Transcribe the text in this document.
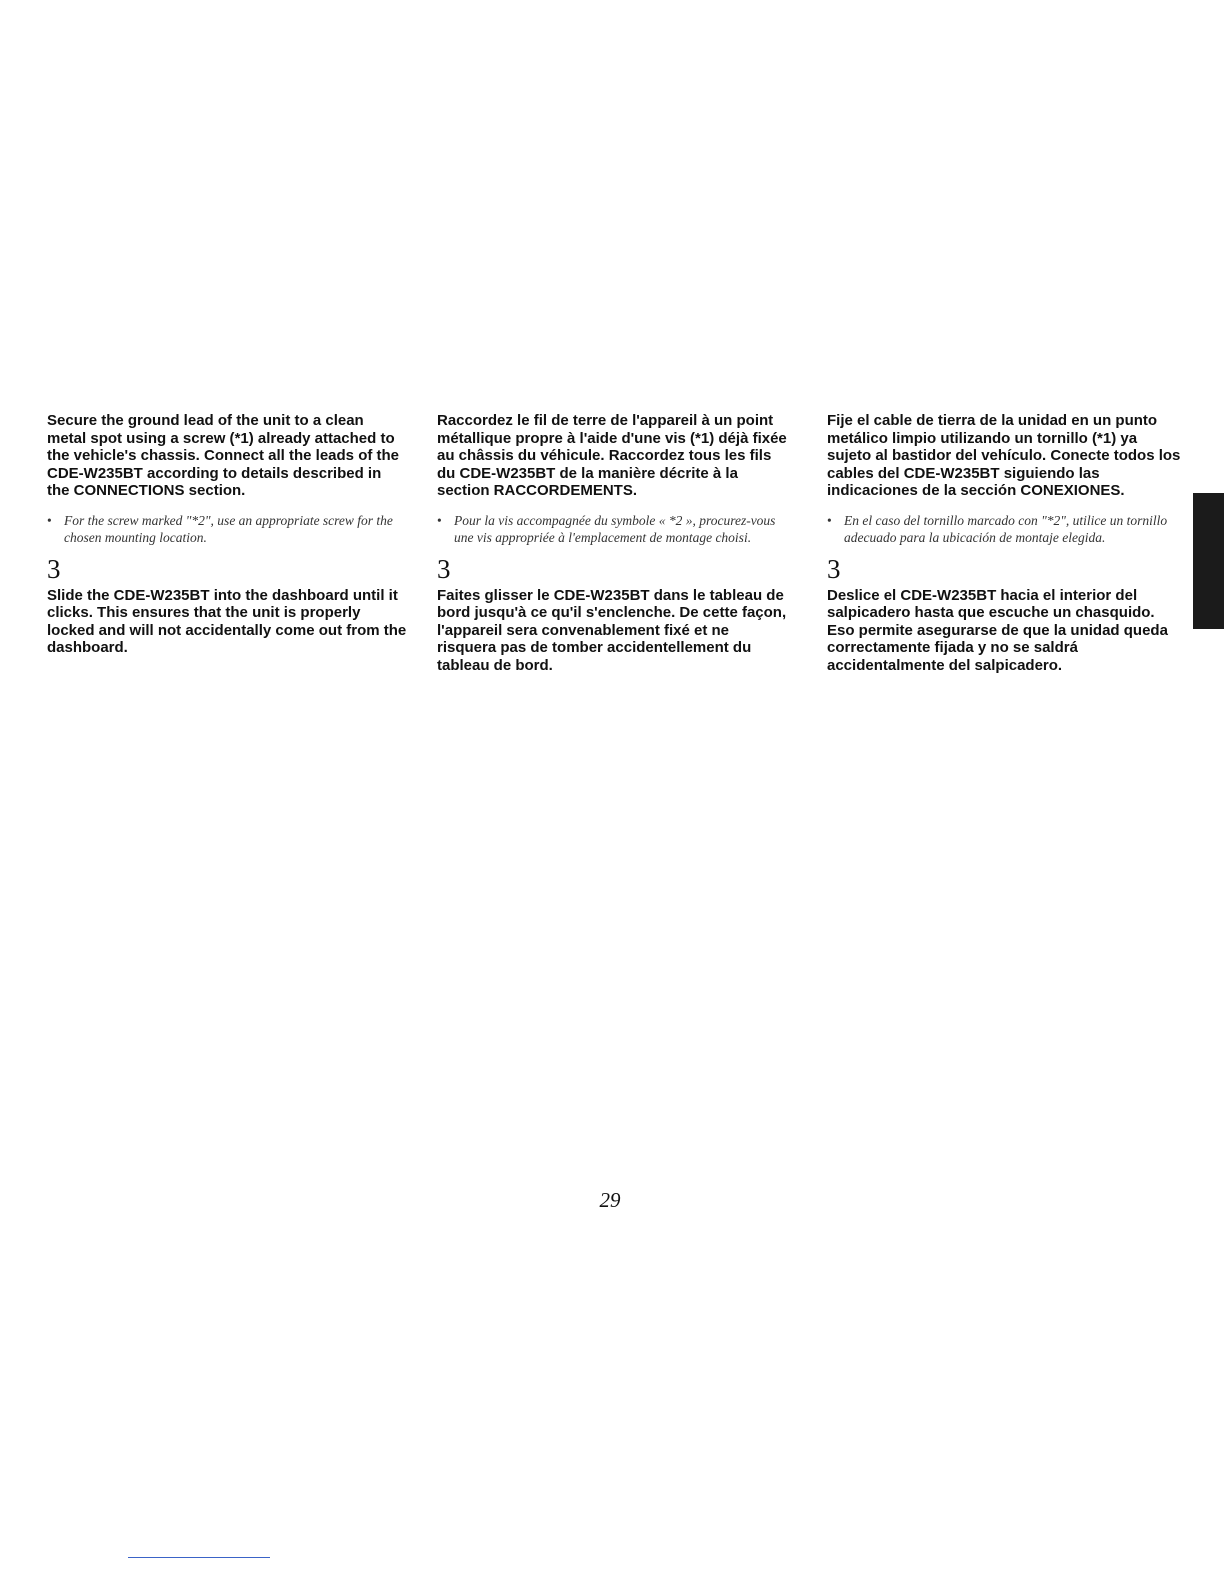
Secure the ground lead of the unit to a clean metal spot using a screw (*1) already attached to the vehicle's chassis. Connect all the leads of the CDE-W235BT according to details described in the CONNECTIONS section.

• For the screw marked "*2", use an appropriate screw for the chosen mounting location.

3

Slide the CDE-W235BT into the dashboard until it clicks. This ensures that the unit is properly locked and will not accidentally come out from the dashboard.

Raccordez le fil de terre de l'appareil à un point métallique propre à l'aide d'une vis (*1) déjà fixée au châssis du véhicule. Raccordez tous les fils du CDE-W235BT de la manière décrite à la section RACCORDEMENTS.

• Pour la vis accompagnée du symbole « *2 », procurez-vous une vis appropriée à l'emplacement de montage choisi.

3

Faites glisser le CDE-W235BT dans le tableau de bord jusqu'à ce qu'il s'enclenche. De cette façon, l'appareil sera convenablement fixé et ne risquera pas de tomber accidentellement du tableau de bord.

Fije el cable de tierra de la unidad en un punto metálico limpio utilizando un tornillo (*1) ya sujeto al bastidor del vehículo. Conecte todos los cables del CDE-W235BT siguiendo las indicaciones de la sección CONEXIONES.

• En el caso del tornillo marcado con "*2", utilice un tornillo adecuado para la ubicación de montaje elegida.

3

Deslice el CDE-W235BT hacia el interior del salpicadero hasta que escuche un chasquido. Eso permite asegurarse de que la unidad queda correctamente fijada y no se saldrá accidentalmente del salpicadero.

29
